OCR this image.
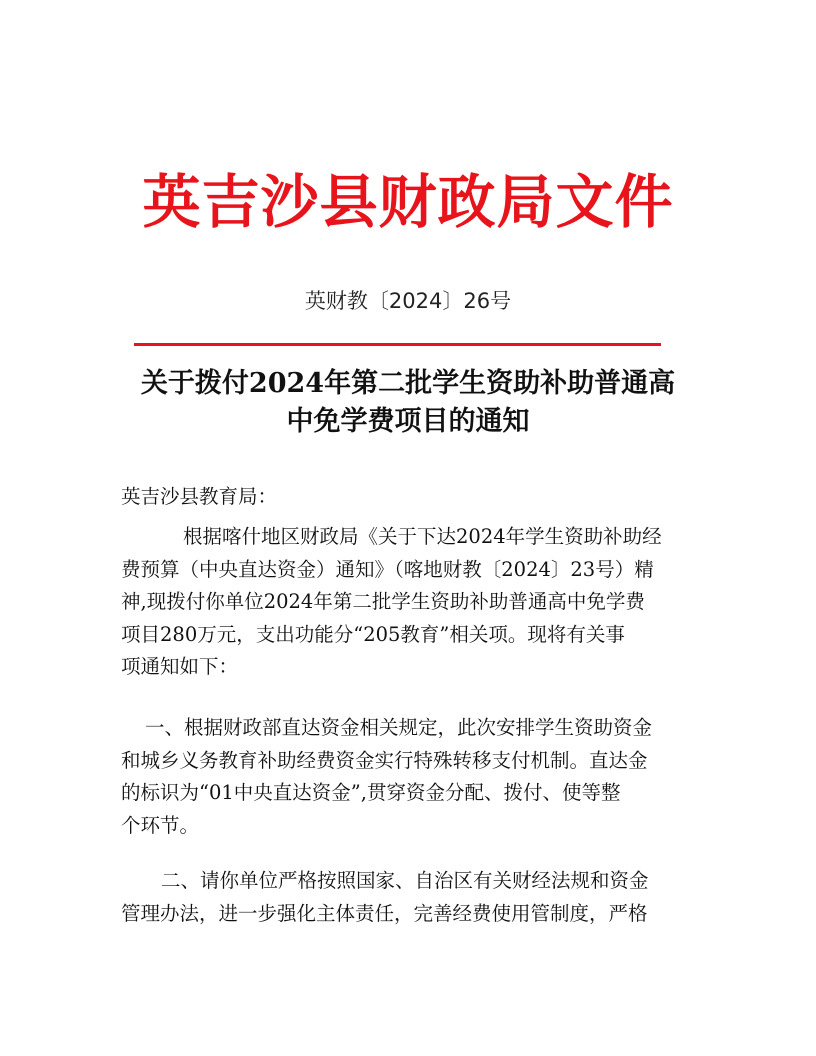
英吉沙县财政局文件
英财教〔2024〕26号
关于拨付2024年第二批学生资助补助普通高
中免学费项目的通知
英吉沙县教育局：
根据喀什地区财政局《关于下达2024年学生资助补助经
费预算（中央直达资金）通知》（喀地财教〔2024〕23号）精
神,现拨付你单位2024年第二批学生资助补助普通高中免学费
项目280万元，支出功能分“205教育”相关项。现将有关事
项通知如下：
一、根据财政部直达资金相关规定，此次安排学生资助资金
和城乡义务教育补助经费资金实行特殊转移支付机制。直达金
的标识为“01中央直达资金”,贯穿资金分配、拨付、使等整
个环节。
二、请你单位严格按照国家、自治区有关财经法规和资金
管理办法，进一步强化主体责任，完善经费使用管制度，严格
